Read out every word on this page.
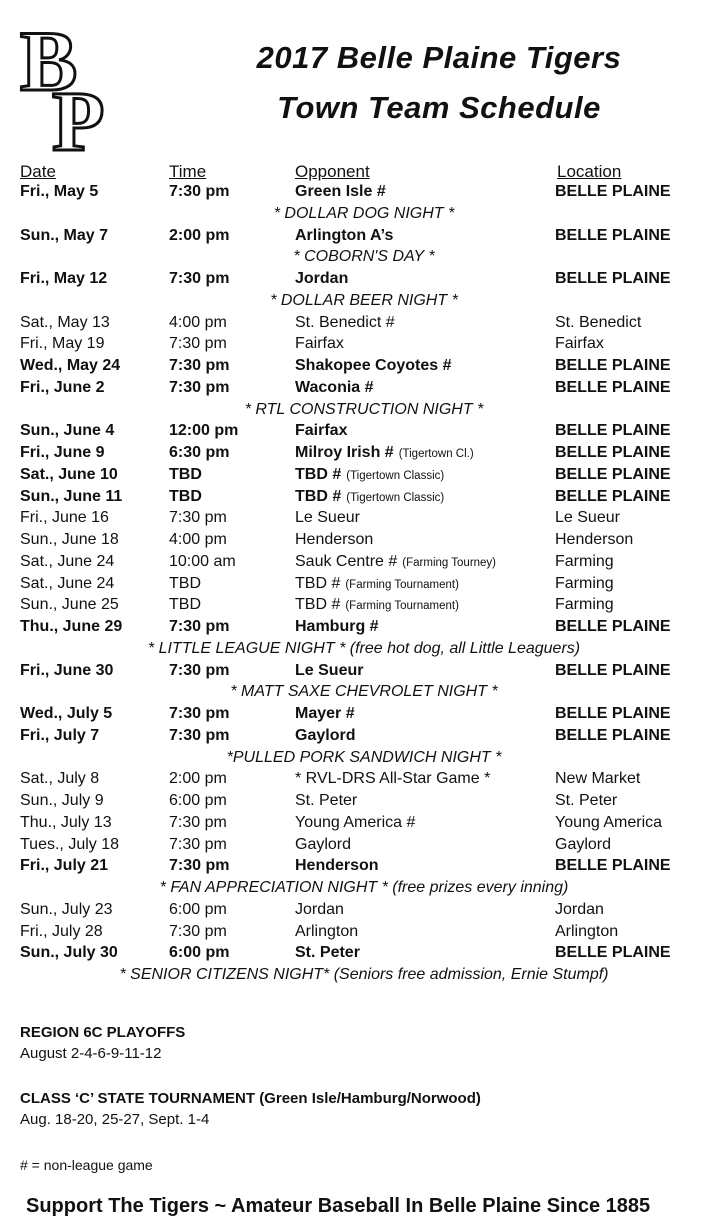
B
P
2017 Belle Plaine Tigers
Town Team Schedule
Date	Time	Opponent	Location
Fri., May 5	7:30 pm	Green Isle #	BELLE PLAINE
* DOLLAR DOG NIGHT *
Sun., May 7	2:00 pm	Arlington A’s	BELLE PLAINE
* COBORN'S DAY *
Fri., May 12	7:30 pm	Jordan	BELLE PLAINE
* DOLLAR BEER NIGHT *
Sat., May 13	4:00 pm	St. Benedict #	St. Benedict
Fri., May 19	7:30 pm	Fairfax	Fairfax
Wed., May 24	7:30 pm	Shakopee Coyotes #	BELLE PLAINE
Fri., June 2	7:30 pm	Waconia #	BELLE PLAINE
* RTL CONSTRUCTION NIGHT *
Sun., June 4	12:00 pm	Fairfax	BELLE PLAINE
Fri., June 9	6:30 pm	Milroy Irish # (Tigertown Cl.)	BELLE PLAINE
Sat., June 10	TBD	TBD # (Tigertown Classic)	BELLE PLAINE
Sun., June 11	TBD	TBD # (Tigertown Classic)	BELLE PLAINE
Fri., June 16	7:30 pm	Le Sueur	Le Sueur
Sun., June 18	4:00 pm	Henderson	Henderson
Sat., June 24	10:00 am	Sauk Centre # (Farming Tourney)	Farming
Sat., June 24	TBD	TBD # (Farming Tournament)	Farming
Sun., June 25	TBD	TBD # (Farming Tournament)	Farming
Thu., June 29	7:30 pm	Hamburg #	BELLE PLAINE
* LITTLE LEAGUE NIGHT * (free hot dog, all Little Leaguers)
Fri., June 30	7:30 pm	Le Sueur	BELLE PLAINE
* MATT SAXE CHEVROLET NIGHT *
Wed., July 5	7:30 pm	Mayer #	BELLE PLAINE
Fri., July 7	7:30 pm	Gaylord	BELLE PLAINE
*PULLED PORK SANDWICH NIGHT *
Sat., July 8	2:00 pm	* RVL-DRS All-Star Game *	New Market
Sun., July 9	6:00 pm	St. Peter	St. Peter
Thu., July 13	7:30 pm	Young America #	Young America
Tues., July 18	7:30 pm	Gaylord	Gaylord
Fri., July 21	7:30 pm	Henderson	BELLE PLAINE
* FAN APPRECIATION NIGHT * (free prizes every inning)
Sun., July 23	6:00 pm	Jordan	Jordan
Fri., July 28	7:30 pm	Arlington	Arlington
Sun., July 30	6:00 pm	St. Peter	BELLE PLAINE
* SENIOR CITIZENS NIGHT* (Seniors free admission, Ernie Stumpf)
REGION 6C PLAYOFFS
August 2-4-6-9-11-12
CLASS ‘C’ STATE TOURNAMENT (Green Isle/Hamburg/Norwood)
Aug. 18-20, 25-27, Sept. 1-4
# = non-league game
Support The Tigers ~ Amateur Baseball In Belle Plaine Since 1885
